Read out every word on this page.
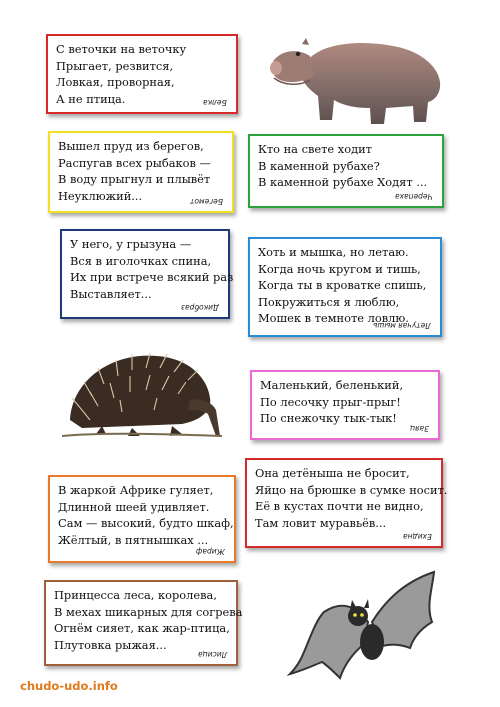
С веточки на веточку
Прыгает, резвится,
Ловкая, проворная,
А не птица.	Белка
Вышел пруд из берегов,
Распугав всех рыбаков —
В воду прыгнул и плывёт
Неуклюжий...	Бегемот
Кто на свете ходит
В каменной рубахе?
В каменной рубахе Ходят ...
Черепаха
У него, у грызуна —
Вся в иголочках спина,
Их при встрече всякий раз
Выставляет...
Дикобраз
Хоть и мышка, но летаю.
Когда ночь кругом и тишь,
Когда ты в кроватке спишь,
Покружиться я люблю,
Мошек в темноте ловлю.
Летучая мышь
Маленький, беленький,
По лесочку прыг-прыг!
По снежочку тык-тык!
Заяц
В жаркой Африке гуляет,
Длинной шеей удивляет.
Сам — высокий, будто шкаф,
Жёлтый, в пятнышках ...
Жираф
Она детёныша не бросит,
Яйцо на брюшке в сумке носит.
Её в кустах почти не видно,
Там ловит муравьёв...
Ехидна
Принцесса леса, королева,
В мехах шикарных для согрева
Огнём сияет, как жар-птица,
Плутовка рыжая...
Лисица
chudo-udo.info
